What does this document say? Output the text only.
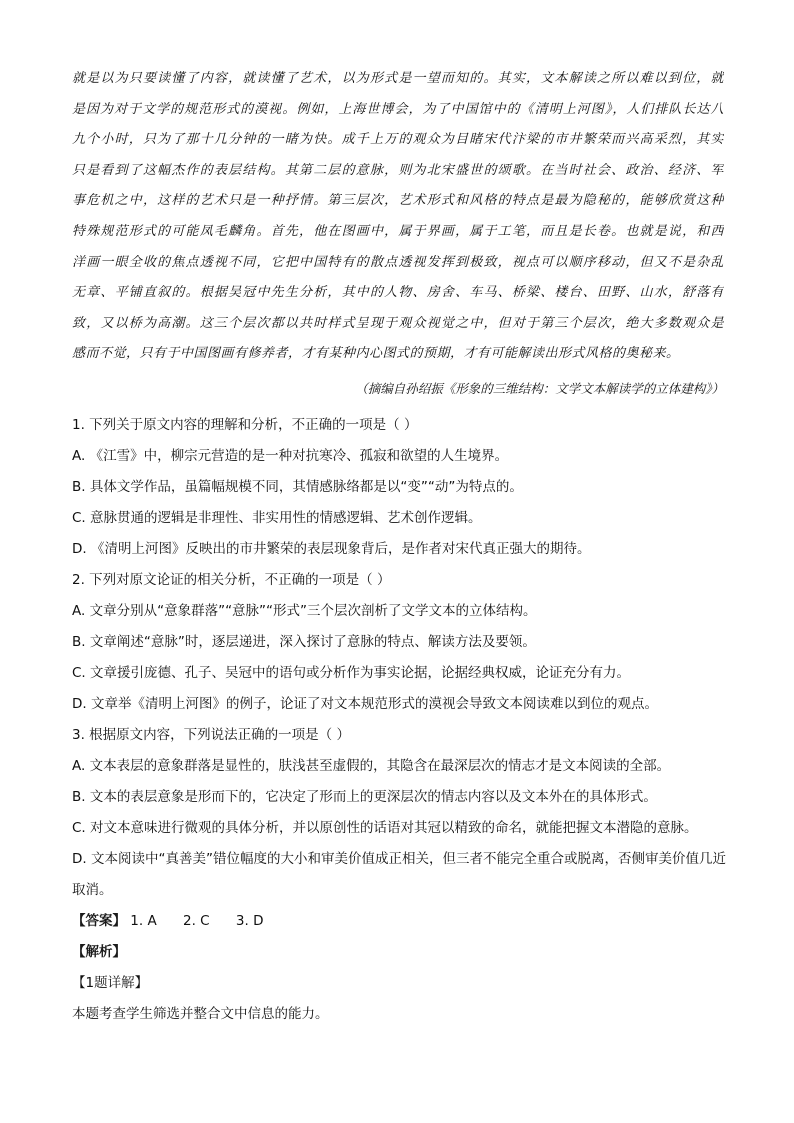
就是以为只要读懂了内容，就读懂了艺术，以为形式是一望而知的。其实，文本解读之所以难以到位，就
是因为对于文学的规范形式的漠视。例如，上海世博会，为了中国馆中的《清明上河图》，人们排队长达八
九个小时，只为了那十几分钟的一睹为快。成千上万的观众为目睹宋代汴梁的市井繁荣而兴高采烈，其实
只是看到了这幅杰作的表层结构。其第二层的意脉，则为北宋盛世的颂歌。在当时社会、政治、经济、军
事危机之中，这样的艺术只是一种抒情。第三层次，艺术形式和风格的特点是最为隐秘的，能够欣赏这种
特殊规范形式的可能凤毛麟角。首先，他在图画中，属于界画，属于工笔，而且是长卷。也就是说，和西
洋画一眼全收的焦点透视不同，它把中国特有的散点透视发挥到极致，视点可以顺序移动，但又不是杂乱
无章、平铺直叙的。根据吴冠中先生分析，其中的人物、房舍、车马、桥梁、楼台、田野、山水，舒落有
致，又以桥为高潮。这三个层次都以共时样式呈现于观众视觉之中，但对于第三个层次，绝大多数观众是
感而不觉，只有于中国图画有修养者，才有某种内心图式的预期，才有可能解读出形式风格的奥秘来。
（摘编自孙绍振《形象的三维结构：文学文本解读学的立体建构》）
1. 下列关于原文内容的理解和分析，不正确的一项是（ ）
A. 《江雪》中，柳宗元营造的是一种对抗寒冷、孤寂和欲望的人生境界。
B. 具体文学作品，虽篇幅规模不同，其情感脉络都是以“变”“动”为特点的。
C. 意脉贯通的逻辑是非理性、非实用性的情感逻辑、艺术创作逻辑。
D. 《清明上河图》反映出的市井繁荣的表层现象背后，是作者对宋代真正强大的期待。
2. 下列对原文论证的相关分析，不正确的一项是（ ）
A. 文章分别从“意象群落”“意脉”“形式”三个层次剖析了文学文本的立体结构。
B. 文章阐述“意脉”时，逐层递进，深入探讨了意脉的特点、解读方法及要领。
C. 文章援引庞德、孔子、吴冠中的语句或分析作为事实论据，论据经典权威，论证充分有力。
D. 文章举《清明上河图》的例子，论证了对文本规范形式的漠视会导致文本阅读难以到位的观点。
3. 根据原文内容，下列说法正确的一项是（ ）
A. 文本表层的意象群落是显性的，肤浅甚至虚假的，其隐含在最深层次的情志才是文本阅读的全部。
B. 文本的表层意象是形而下的，它决定了形而上的更深层次的情志内容以及文本外在的具体形式。
C. 对文本意味进行微观的具体分析，并以原创性的话语对其冠以精致的命名，就能把握文本潜隐的意脉。
D. 文本阅读中“真善美”错位幅度的大小和审美价值成正相关，但三者不能完全重合或脱离，否侧审美价值几近取消。
【答案】 1. A 2. C 3. D
【解析】
【1题详解】
本题考查学生筛选并整合文中信息的能力。
